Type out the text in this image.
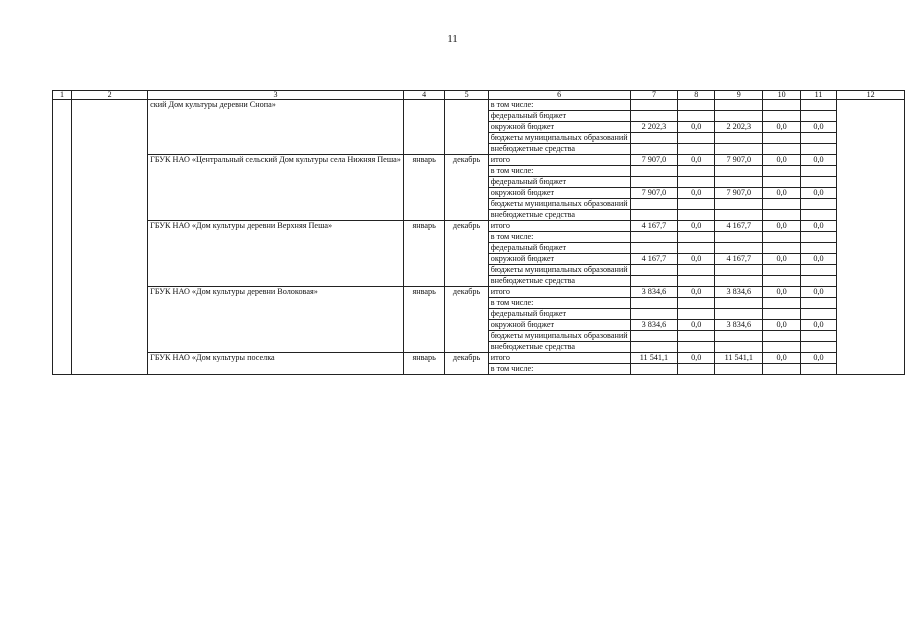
11
1	2	3	4	5	6	7	8	9	10	11	12
		ский Дом культуры деревни Снопа»			в том числе:						
					федеральный бюджет						
					окружной бюджет	2 202,3	0,0	2 202,3	0,0	0,0	
					бюджеты муниципальных образований						
					внебюджетные средства						
		ГБУК НАО «Центральный сельский Дом культуры села Нижняя Пеша»	январь	декабрь	итого	7 907,0	0,0	7 907,0	0,0	0,0	
					в том числе:						
					федеральный бюджет						
					окружной бюджет	7 907,0	0,0	7 907,0	0,0	0,0	
					бюджеты муниципальных образований						
					внебюджетные средства						
		ГБУК НАО «Дом культуры деревни Верхняя Пеша»	январь	декабрь	итого	4 167,7	0,0	4 167,7	0,0	0,0	
					в том числе:						
					федеральный бюджет						
					окружной бюджет	4 167,7	0,0	4 167,7	0,0	0,0	
					бюджеты муниципальных образований						
					внебюджетные средства						
		ГБУК НАО «Дом культуры деревни Волоковая»	январь	декабрь	итого	3 834,6	0,0	3 834,6	0,0	0,0	
					в том числе:						
					федеральный бюджет						
					окружной бюджет	3 834,6	0,0	3 834,6	0,0	0,0	
					бюджеты муниципальных образований						
					внебюджетные средства						
		ГБУК НАО «Дом культуры поселка	январь	декабрь	итого	11 541,1	0,0	11 541,1	0,0	0,0	
					в том числе:						
